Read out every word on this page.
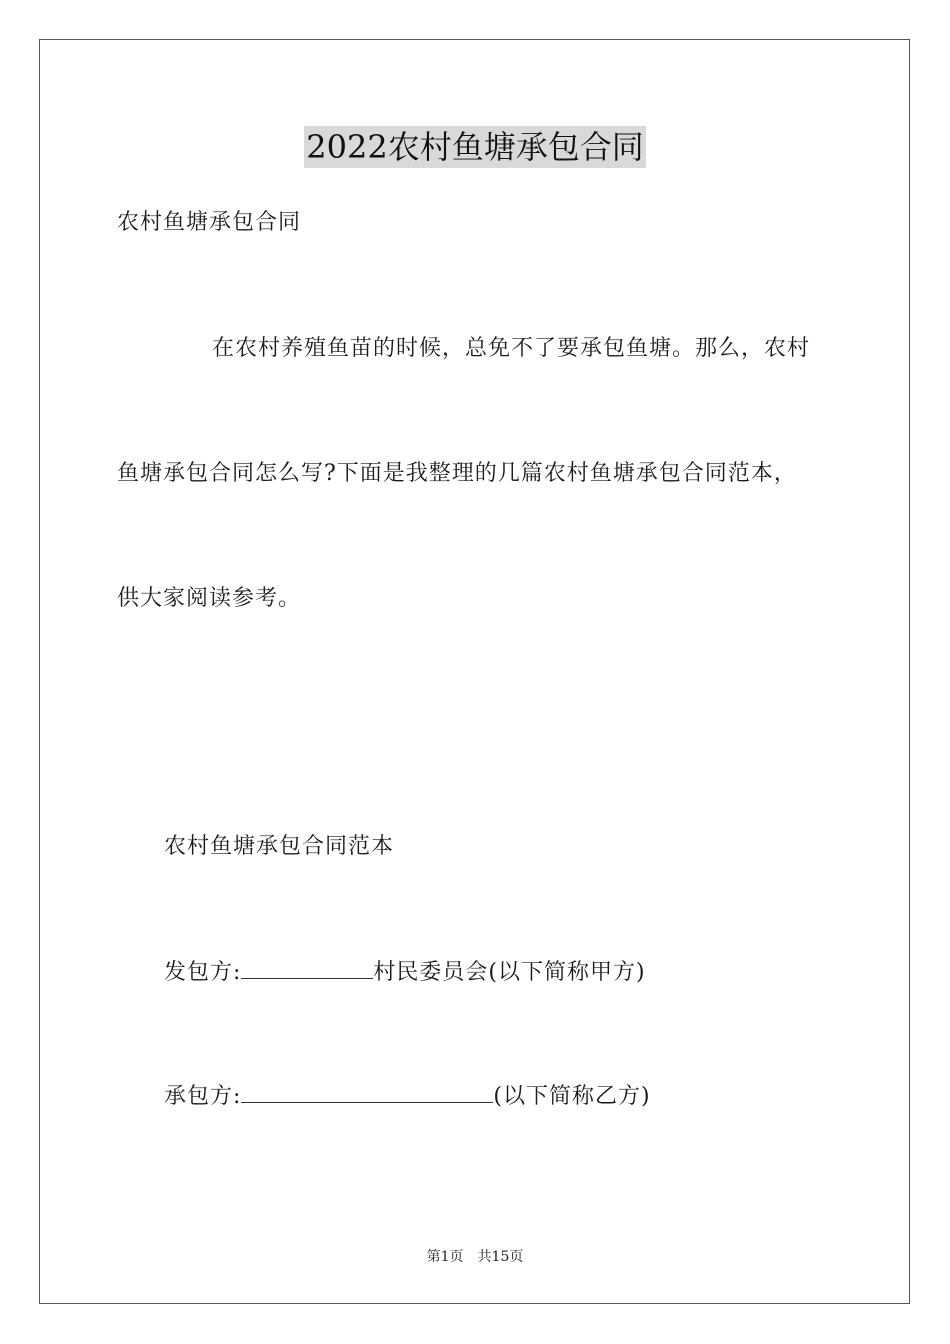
2022农村鱼塘承包合同
农村鱼塘承包合同
在农村养殖鱼苗的时候，总免不了要承包鱼塘。那么，农村
鱼塘承包合同怎么写?下面是我整理的几篇农村鱼塘承包合同范本，
供大家阅读参考。
农村鱼塘承包合同范本
发包方:	村民委员会(以下简称甲方)
承包方:	(以下简称乙方)
第1页 共15页
